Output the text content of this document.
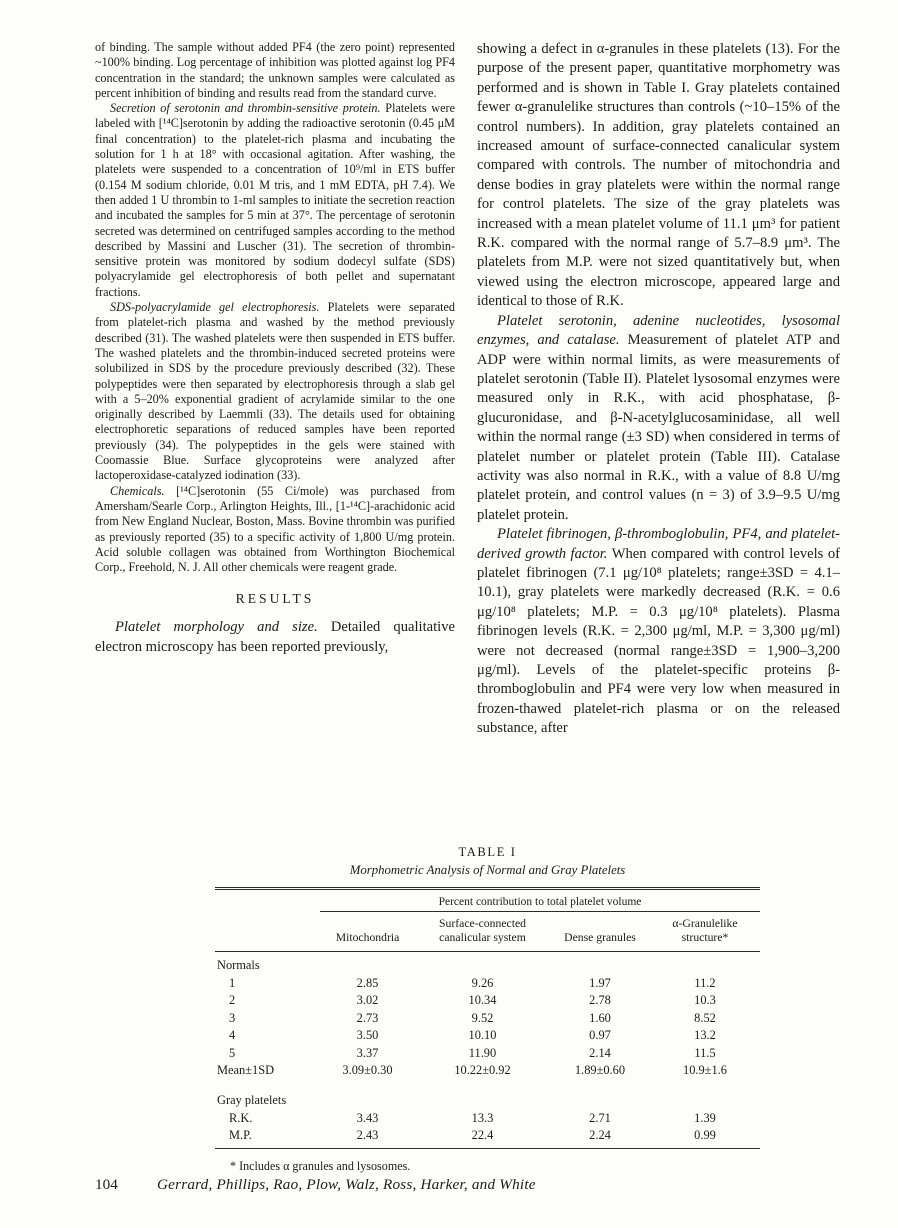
of binding. The sample without added PF4 (the zero point) represented ~100% binding. Log percentage of inhibition was plotted against log PF4 concentration in the standard; the unknown samples were calculated as percent inhibition of binding and results read from the standard curve.

Secretion of serotonin and thrombin-sensitive protein. Platelets were labeled with [¹⁴C]serotonin by adding the radioactive serotonin (0.45 μM final concentration) to the platelet-rich plasma and incubating the solution for 1 h at 18° with occasional agitation. After washing, the platelets were suspended to a concentration of 10⁹/ml in ETS buffer (0.154 M sodium chloride, 0.01 M tris, and 1 mM EDTA, pH 7.4). We then added 1 U thrombin to 1-ml samples to initiate the secretion reaction and incubated the samples for 5 min at 37°. The percentage of serotonin secreted was determined on centrifuged samples according to the method described by Massini and Luscher (31). The secretion of thrombin-sensitive protein was monitored by sodium dodecyl sulfate (SDS) polyacrylamide gel electrophoresis of both pellet and supernatant fractions.

SDS-polyacrylamide gel electrophoresis. Platelets were separated from platelet-rich plasma and washed by the method previously described (31). The washed platelets were then suspended in ETS buffer. The washed platelets and the thrombin-induced secreted proteins were solubilized in SDS by the procedure previously described (32). These polypeptides were then separated by electrophoresis through a slab gel with a 5–20% exponential gradient of acrylamide similar to the one originally described by Laemmli (33). The details used for obtaining electrophoretic separations of reduced samples have been reported previously (34). The polypeptides in the gels were stained with Coomassie Blue. Surface glycoproteins were analyzed after lactoperoxidase-catalyzed iodination (33).

Chemicals. [¹⁴C]serotonin (55 Ci/mole) was purchased from Amersham/Searle Corp., Arlington Heights, Ill., [1-¹⁴C]-arachidonic acid from New England Nuclear, Boston, Mass. Bovine thrombin was purified as previously reported (35) to a specific activity of 1,800 U/mg protein. Acid soluble collagen was obtained from Worthington Biochemical Corp., Freehold, N. J. All other chemicals were reagent grade.

RESULTS

Platelet morphology and size. Detailed qualitative electron microscopy has been reported previously,

showing a defect in α-granules in these platelets (13). For the purpose of the present paper, quantitative morphometry was performed and is shown in Table I. Gray platelets contained fewer α-granulelike structures than controls (~10–15% of the control numbers). In addition, gray platelets contained an increased amount of surface-connected canalicular system compared with controls. The number of mitochondria and dense bodies in gray platelets were within the normal range for control platelets. The size of the gray platelets was increased with a mean platelet volume of 11.1 μm³ for patient R.K. compared with the normal range of 5.7–8.9 μm³. The platelets from M.P. were not sized quantitatively but, when viewed using the electron microscope, appeared large and identical to those of R.K.

Platelet serotonin, adenine nucleotides, lysosomal enzymes, and catalase. Measurement of platelet ATP and ADP were within normal limits, as were measurements of platelet serotonin (Table II). Platelet lysosomal enzymes were measured only in R.K., with acid phosphatase, β-glucuronidase, and β-N-acetylglucosaminidase, all well within the normal range (±3 SD) when considered in terms of platelet number or platelet protein (Table III). Catalase activity was also normal in R.K., with a value of 8.8 U/mg platelet protein, and control values (n = 3) of 3.9–9.5 U/mg platelet protein.

Platelet fibrinogen, β-thromboglobulin, PF4, and platelet-derived growth factor. When compared with control levels of platelet fibrinogen (7.1 μg/10⁸ platelets; range±3SD = 4.1–10.1), gray platelets were markedly decreased (R.K. = 0.6 μg/10⁸ platelets; M.P. = 0.3 μg/10⁸ platelets). Plasma fibrinogen levels (R.K. = 2,300 μg/ml, M.P. = 3,300 μg/ml) were not decreased (normal range±3SD = 1,900–3,200 μg/ml). Levels of the platelet-specific proteins β-thromboglobulin and PF4 were very low when measured in frozen-thawed platelet-rich plasma or on the released substance, after

TABLE I
Morphometric Analysis of Normal and Gray Platelets
	Percent contribution to total platelet volume			
	Mitochondria	Surface-connected canalicular system	Dense granules	α-Granulelike structure*
Normals				
1	2.85	9.26	1.97	11.2
2	3.02	10.34	2.78	10.3
3	2.73	9.52	1.60	8.52
4	3.50	10.10	0.97	13.2
5	3.37	11.90	2.14	11.5
Mean±1SD	3.09±0.30	10.22±0.92	1.89±0.60	10.9±1.6
Gray platelets				
R.K.	3.43	13.3	2.71	1.39
M.P.	2.43	22.4	2.24	0.99
* Includes α granules and lysosomes.
104	Gerrard, Phillips, Rao, Plow, Walz, Ross, Harker, and White
